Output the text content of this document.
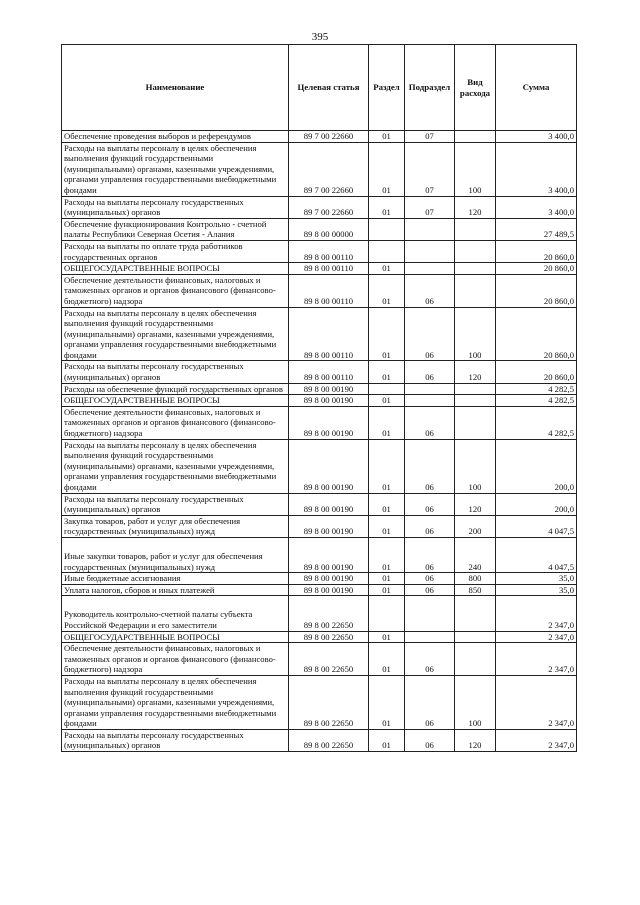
395
Наименование	Целевая статья	Раздел	Подраздел	Вид расхода	Сумма
Обеспечение проведения выборов и референдумов	89 7 00 22660	01	07		3 400,0
Расходы на выплаты персоналу в целях обеспечения выполнения функций государственными (муниципальными) органами, казенными учреждениями, органами управления государственными внебюджетными фондами	89 7 00 22660	01	07	100	3 400,0
Расходы на выплаты персоналу государственных (муниципальных) органов	89 7 00 22660	01	07	120	3 400,0
Обеспечение функционирования Контрольно - счетной палаты Республики Северная Осетия - Алания	89 8 00 00000				27 489,5
Расходы на выплаты по оплате труда работников государственных органов	89 8 00 00110				20 860,0
ОБЩЕГОСУДАРСТВЕННЫЕ ВОПРОСЫ	89 8 00 00110	01			20 860,0
Обеспечение деятельности финансовых, налоговых и таможенных органов и органов финансового (финансово-бюджетного) надзора	89 8 00 00110	01	06		20 860,0
Расходы на выплаты персоналу в целях обеспечения выполнения функций государственными (муниципальными) органами, казенными учреждениями, органами управления государственными внебюджетными фондами	89 8 00 00110	01	06	100	20 860,0
Расходы на выплаты персоналу государственных (муниципальных) органов	89 8 00 00110	01	06	120	20 860,0
Расходы на обеспечение функций государственных органов	89 8 00 00190				4 282,5
ОБЩЕГОСУДАРСТВЕННЫЕ ВОПРОСЫ	89 8 00 00190	01			4 282,5
Обеспечение деятельности финансовых, налоговых и таможенных органов и органов финансового (финансово-бюджетного) надзора	89 8 00 00190	01	06		4 282,5
Расходы на выплаты персоналу в целях обеспечения выполнения функций государственными (муниципальными) органами, казенными учреждениями, органами управления государственными внебюджетными фондами	89 8 00 00190	01	06	100	200,0
Расходы на выплаты персоналу государственных (муниципальных) органов	89 8 00 00190	01	06	120	200,0
Закупка товаров, работ и услуг для обеспечения государственных (муниципальных) нужд	89 8 00 00190	01	06	200	4 047,5
Иные закупки товаров, работ и услуг для обеспечения государственных (муниципальных) нужд	89 8 00 00190	01	06	240	4 047,5
Иные бюджетные ассигнования	89 8 00 00190	01	06	800	35,0
Уплата налогов, сборов и иных платежей	89 8 00 00190	01	06	850	35,0
Руководитель контрольно-счетной палаты субъекта Российской Федерации и его заместители	89 8 00 22650				2 347,0
ОБЩЕГОСУДАРСТВЕННЫЕ ВОПРОСЫ	89 8 00 22650	01			2 347,0
Обеспечение деятельности финансовых, налоговых и таможенных органов и органов финансового (финансово-бюджетного) надзора	89 8 00 22650	01	06		2 347,0
Расходы на выплаты персоналу в целях обеспечения выполнения функций государственными (муниципальными) органами, казенными учреждениями, органами управления государственными внебюджетными фондами	89 8 00 22650	01	06	100	2 347,0
Расходы на выплаты персоналу государственных (муниципальных) органов	89 8 00 22650	01	06	120	2 347,0
